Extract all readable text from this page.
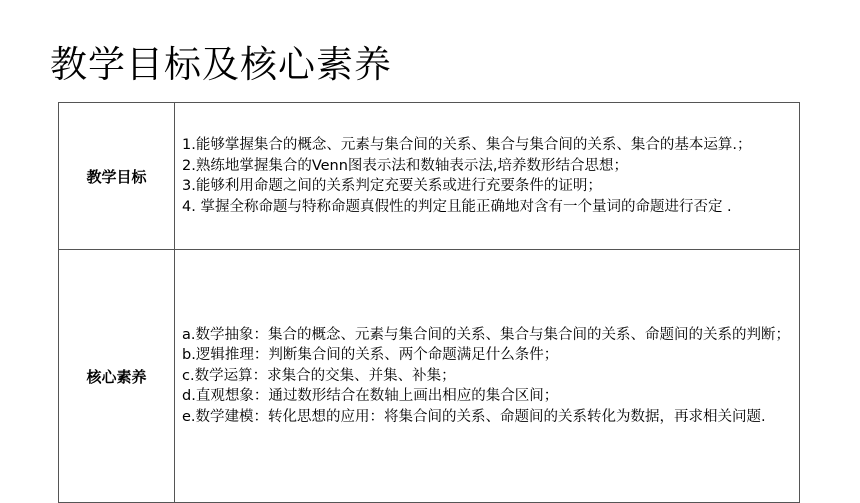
教学目标及核心素养
教学目标	1.能够掌握集合的概念、元素与集合间的关系、集合与集合间的关系、集合的基本运算.；

2.熟练地掌握集合的Venn图表示法和数轴表示法,培养数形结合思想；

3.能够利用命题之间的关系判定充要关系或进行充要条件的证明；

4. 掌握全称命题与特称命题真假性的判定且能正确地对含有一个量词的命题进行否定 .

核心素养	a.数学抽象：集合的概念、元素与集合间的关系、集合与集合间的关系、命题间的关系的判断；

b.逻辑推理：判断集合间的关系、两个命题满足什么条件；

c.数学运算：求集合的交集、并集、补集；

d.直观想象：通过数形结合在数轴上画出相应的集合区间；

e.数学建模：转化思想的应用：将集合间的关系、命题间的关系转化为数据，再求相关问题.
